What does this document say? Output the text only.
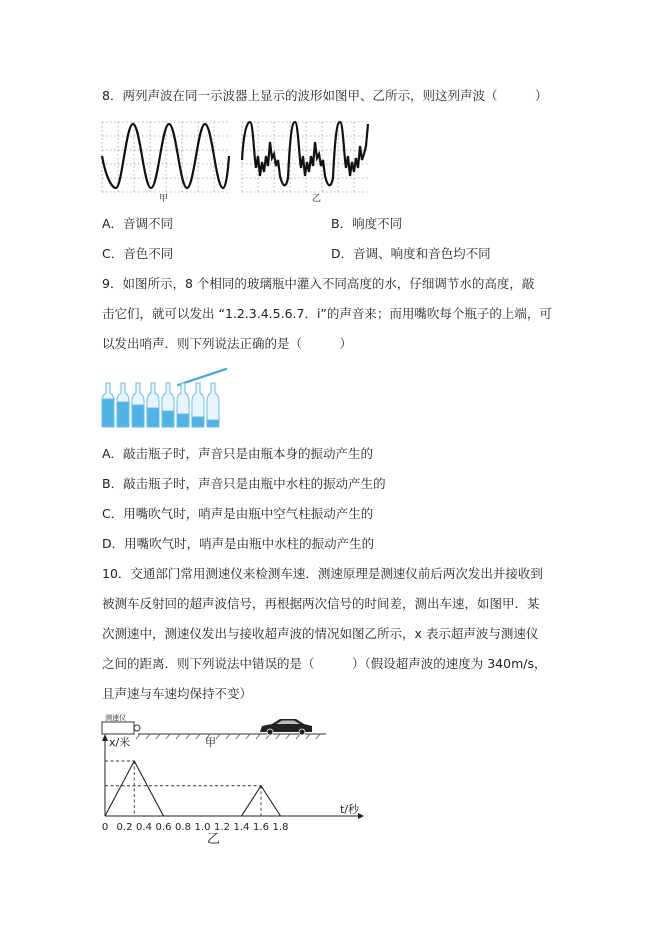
8．两列声波在同一示波器上显示的波形如图甲、乙所示，则这列声波（　　　）
甲	乙
A．音调不同	B．响度不同
C．音色不同	D．音调、响度和音色均不同
9．如图所示，8 个相同的玻璃瓶中灌入不同高度的水，仔细调节水的高度，敲
击它们，就可以发出 “1.2.3.4.5.6.7．i”的声音来；而用嘴吹每个瓶子的上端，可
以发出哨声．则下列说法正确的是（　　　）
A．敲击瓶子时，声音只是由瓶本身的振动产生的
B．敲击瓶子时，声音只是由瓶中水柱的振动产生的
C．用嘴吹气时，哨声是由瓶中空气柱振动产生的
D．用嘴吹气时，哨声是由瓶中水柱的振动产生的
10．交通部门常用测速仪来检测车速．测速原理是测速仪前后两次发出并接收到
被测车反射回的超声波信号，再根据两次信号的时间差，测出车速，如图甲．某
次测速中，测速仪发出与接收超声波的情况如图乙所示，x 表示超声波与测速仪
之间的距离．则下列说法中错误的是（　　　）（假设超声波的速度为 340m/s，
且声速与车速均保持不变）
测速仪
甲
0 0.2 0.4 0.6 0.8 1.0 1.2 1.4 1.6 1.8
x/米
t/秒
乙
